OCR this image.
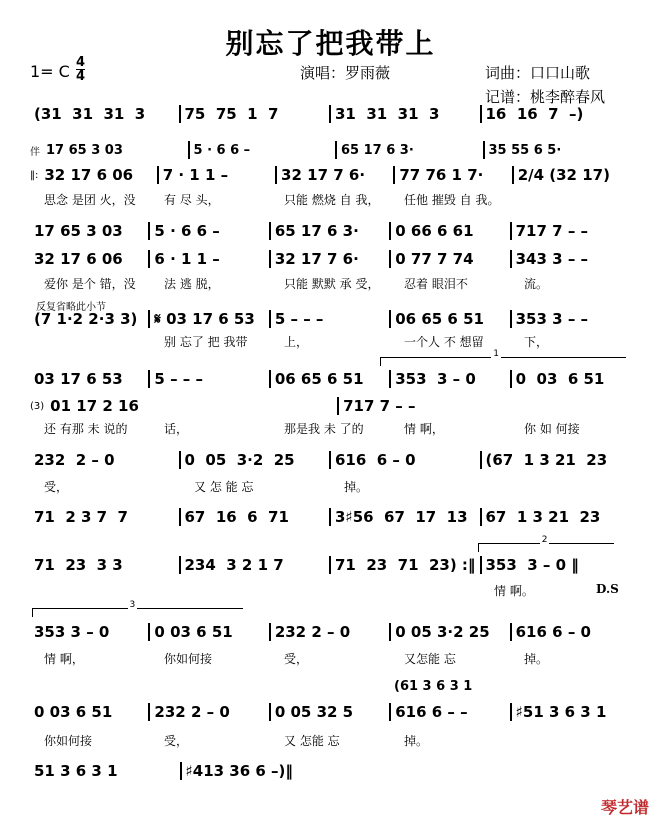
别忘了把我带上
1= C 4
4	演唱：罗雨薇	词曲：口口山歌
记谱：桃李醉春风
反复省略此小节
1
2
3
D.S
琴艺谱
(31  31  31  3	75  75  1  7	31  31  31  3	16  16  7  –)
伴 17 65 3 03	5 · 6 6 –	65 17 6 3·	35 55 6 5·
‖: 32 17 6 06	7 · 1 1 –	32 17 7 6·	77 76 1 7·	2/4 (32 17)
17 65 3 03	5 · 6 6 –	65 17 6 3·	0 66 6 61	717 7 – –
32 17 6 06	6 · 1 1 –	32 17 7 6·	0 77 7 74	343 3 – –
(7 1·2 2·3 3)	𝄋 03 17 6 53	5 – – –	06 65 6 51	353 3 – –
03 17 6 53	5 – – –	06 65 6 51	353  3 – 0	0  03  6 51
(3) 01 17 2 16	717 7 – –
232  2 – 0	0  05  3·2  25	616  6 – 0	(67  1 3 21  23
71  2 3 7  7	67  16  6  71	3♯56  67  17  13	67  1 3 21  23
71  23  3 3	234  3 2 1 7	71  23  71  23) :‖ 353  3 – 0 ‖
353 3 – 0	0 03 6 51	232 2 – 0	0 05 3·2 25	616 6 – 0
(61 3 6 3 1
0 03 6 51	232 2 – 0	0 05 32 5	616 6 – –	♯51 3 6 3 1
51 3 6 3 1	♯413 36 6 –)‖
思念 是团 火，没	有 尽 头，	只能 燃烧 自 我，	任他 摧毁 自 我。
爱你 是个 错，没	法 逃 脱，	只能 默默 承 受，	忍着 眼泪不	流。
别 忘了 把 我带	上，	一个人 不 想留	下，
还 有那 未 说的	话，	那是我 未 了的	情 啊，	你 如 何接
受，	又 怎 能 忘	掉。
情 啊。
情 啊，	你如何接	受，	又怎能 忘	掉。
你如何接	受，	又 怎能 忘	掉。
